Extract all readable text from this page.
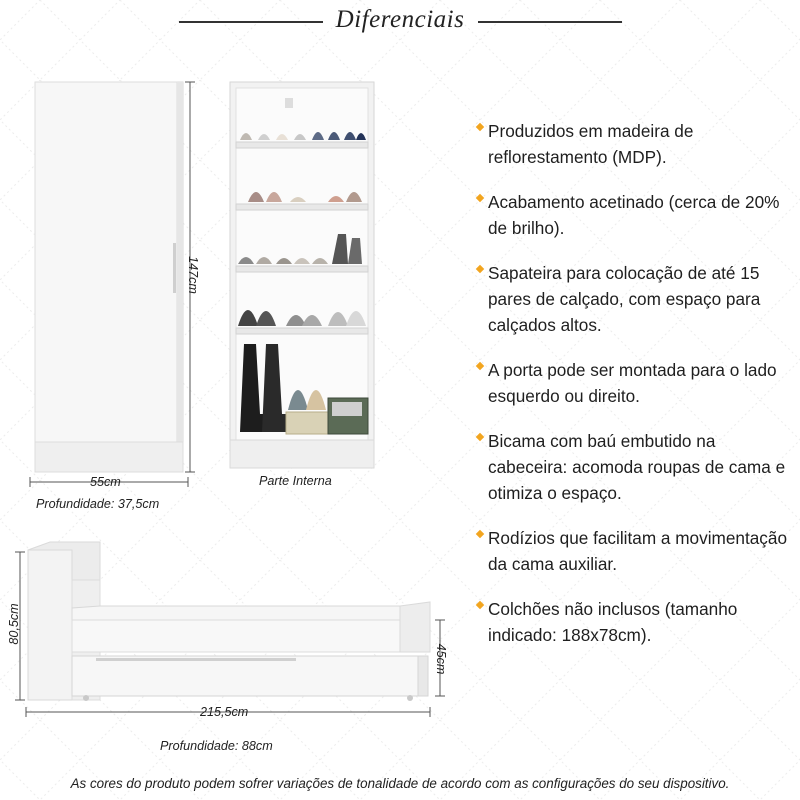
Diferenciais
55cm
147cm
Profundidade: 37,5cm
Parte Interna
Produzidos em madeira de reflorestamento (MDP).
Acabamento acetinado (cerca de 20% de brilho).
Sapateira para colocação de até 15 pares de calçado, com espaço para calçados altos.
A porta pode ser montada para o lado esquerdo ou direito.
Bicama com baú embutido na cabeceira: acomoda roupas de cama e otimiza o espaço.
Rodízios que facilitam a movimentação da cama auxiliar.
Colchões não inclusos (tamanho indicado: 188x78cm).
80,5cm
45cm
215,5cm
Profundidade: 88cm
As cores do produto podem sofrer variações de tonalidade de acordo com as configurações do seu dispositivo.
